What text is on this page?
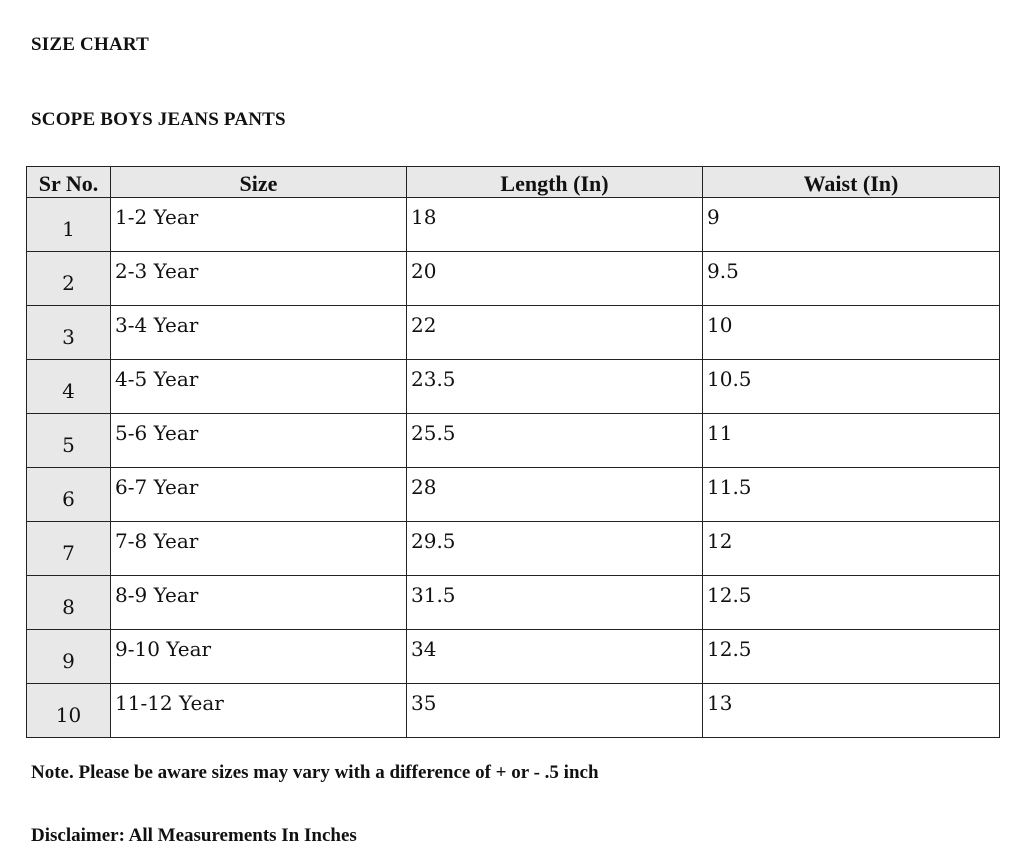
SIZE CHART
SCOPE BOYS JEANS PANTS
Sr No.	Size	Length (In)	Waist (In)
1	1-2 Year	18	9
2	2-3 Year	20	9.5
3	3-4 Year	22	10
4	4-5 Year	23.5	10.5
5	5-6 Year	25.5	11
6	6-7 Year	28	11.5
7	7-8 Year	29.5	12
8	8-9 Year	31.5	12.5
9	9-10 Year	34	12.5
10	11-12 Year	35	13
Note. Please be aware sizes may vary with a difference of + or - .5 inch
Disclaimer: All Measurements In Inches
